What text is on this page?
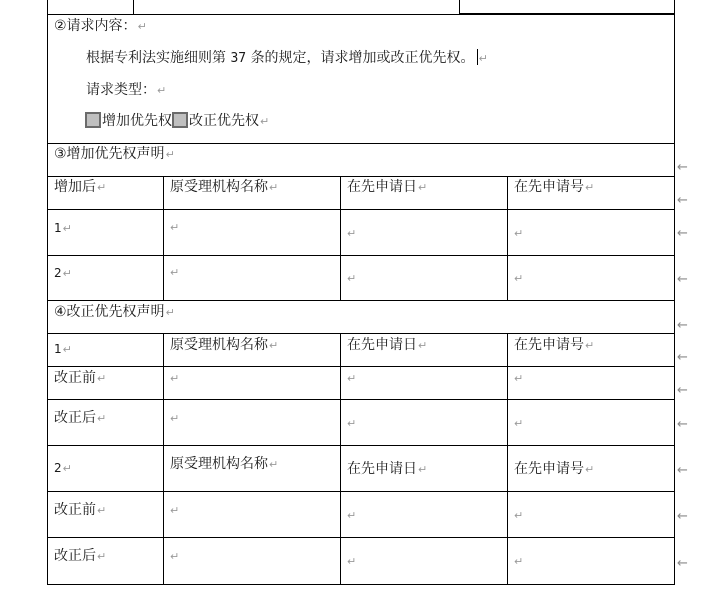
②请求内容：↵
根据专利法实施细则第 37 条的规定，请求增加或改正优先权。 ↵
请求类型：↵
增加优先权 改正优先权↵
③增加优先权声明↵
增加后↵	原受理机构名称↵	在先申请日↵	在先申请号↵
1↵	↵	↵	↵
2↵	↵	↵	↵
④改正优先权声明↵
1↵	原受理机构名称↵	在先申请日↵	在先申请号↵
改正前↵	↵	↵	↵
改正后↵	↵	↵	↵
2↵	原受理机构名称↵	在先申请日↵	在先申请号↵
改正前↵	↵	↵	↵
改正后↵	↵	↵	↵
←
←
←
←
←
←
←
←
←
←
←
